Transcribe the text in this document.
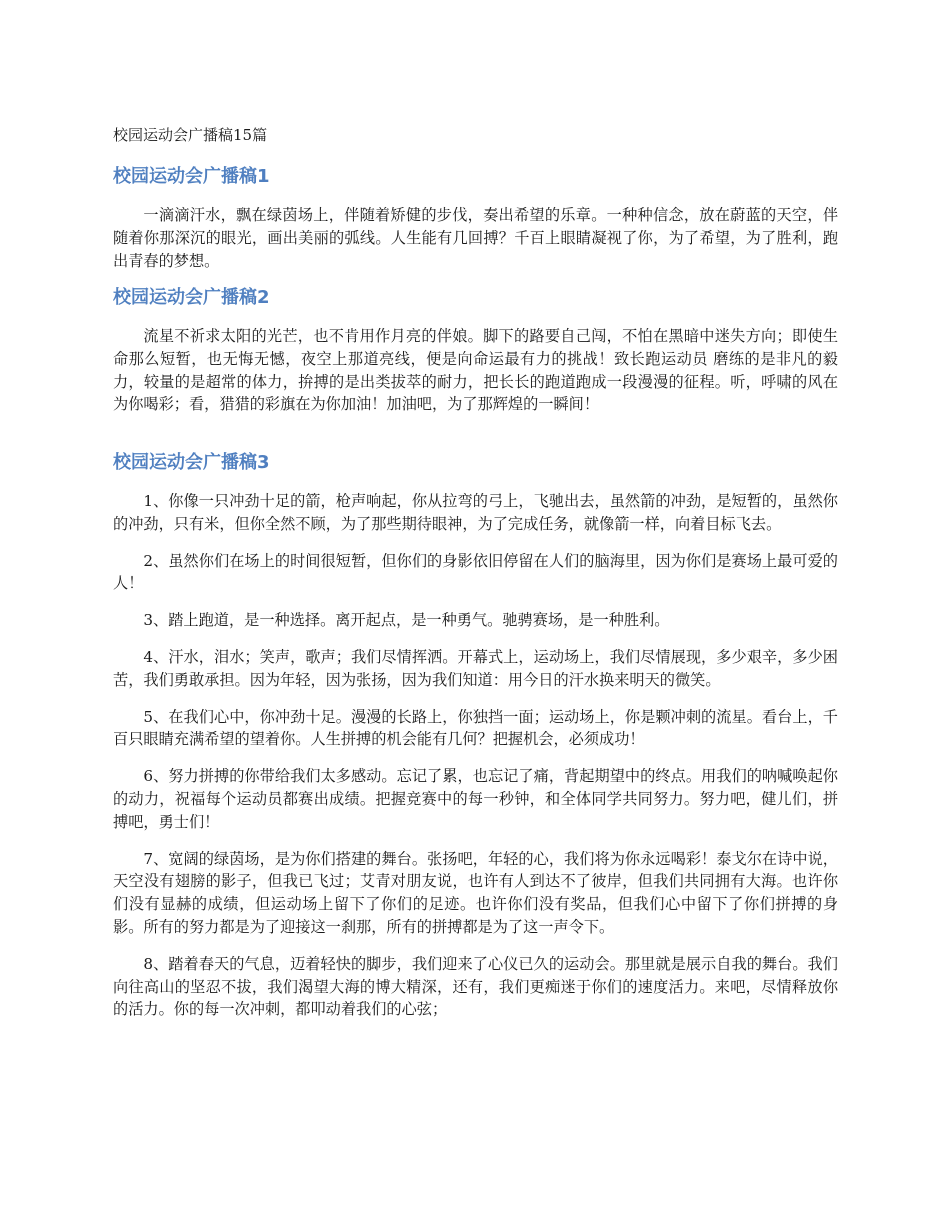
校园运动会广播稿15篇
校园运动会广播稿1

一滴滴汗水，飘在绿茵场上，伴随着矫健的步伐，奏出希望的乐章。一种种信念，放在蔚蓝的天空，伴随着你那深沉的眼光，画出美丽的弧线。人生能有几回搏？千百上眼睛凝视了你，为了希望，为了胜利，跑出青春的梦想。

校园运动会广播稿2

流星不祈求太阳的光芒，也不肯用作月亮的伴娘。脚下的路要自己闯，不怕在黑暗中迷失方向；即使生命那么短暂，也无悔无憾，夜空上那道亮线，便是向命运最有力的挑战！致长跑运动员 磨练的是非凡的毅力，较量的是超常的体力，拚搏的是出类拔萃的耐力，把长长的跑道跑成一段漫漫的征程。听，呼啸的风在为你喝彩；看，猎猎的彩旗在为你加油！加油吧，为了那辉煌的一瞬间！

校园运动会广播稿3

1、你像一只冲劲十足的箭，枪声响起，你从拉弯的弓上，飞驰出去，虽然箭的冲劲，是短暂的，虽然你的冲劲，只有米，但你全然不顾，为了那些期待眼神，为了完成任务，就像箭一样，向着目标飞去。

2、虽然你们在场上的时间很短暂，但你们的身影依旧停留在人们的脑海里，因为你们是赛场上最可爱的人！

3、踏上跑道，是一种选择。离开起点，是一种勇气。驰骋赛场，是一种胜利。

4、汗水，泪水；笑声，歌声；我们尽情挥洒。开幕式上，运动场上，我们尽情展现，多少艰辛，多少困苦，我们勇敢承担。因为年轻，因为张扬，因为我们知道：用今日的汗水换来明天的微笑。

5、在我们心中，你冲劲十足。漫漫的长路上，你独挡一面；运动场上，你是颗冲刺的流星。看台上，千百只眼睛充满希望的望着你。人生拼搏的机会能有几何？把握机会，必须成功！

6、努力拼搏的你带给我们太多感动。忘记了累，也忘记了痛，背起期望中的终点。用我们的呐喊唤起你的动力，祝福每个运动员都赛出成绩。把握竞赛中的每一秒钟，和全体同学共同努力。努力吧，健儿们，拼搏吧，勇士们！

7、宽阔的绿茵场，是为你们搭建的舞台。张扬吧，年轻的心，我们将为你永远喝彩！泰戈尔在诗中说，天空没有翅膀的影子，但我已飞过；艾青对朋友说，也许有人到达不了彼岸，但我们共同拥有大海。也许你们没有显赫的成绩，但运动场上留下了你们的足迹。也许你们没有奖品，但我们心中留下了你们拼搏的身影。所有的努力都是为了迎接这一刹那，所有的拼搏都是为了这一声令下。

8、踏着春天的气息，迈着轻快的脚步，我们迎来了心仪已久的运动会。那里就是展示自我的舞台。我们向往高山的坚忍不拔，我们渴望大海的博大精深，还有，我们更痴迷于你们的速度活力。来吧，尽情释放你的活力。你的每一次冲刺，都叩动着我们的心弦；
